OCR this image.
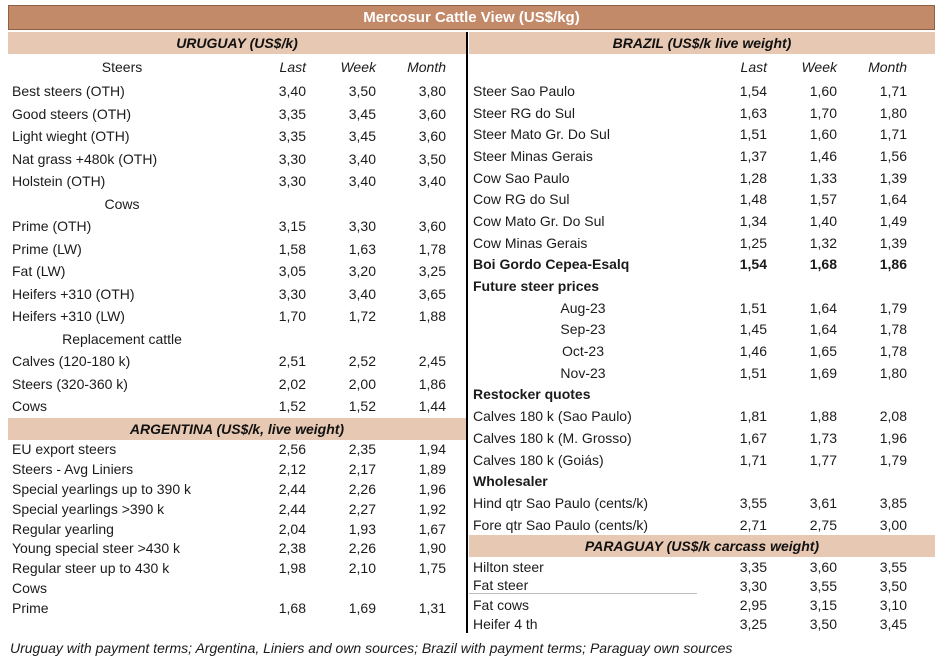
Mercosur Cattle View (US$/kg)
URUGUAY (US$/k)
Steers	Last	Week	Month
Best steers (OTH)	3,40	3,50	3,80
Good steers (OTH)	3,35	3,45	3,60
Light wieght (OTH)	3,35	3,45	3,60
Nat grass +480k (OTH)	3,30	3,40	3,50
Holstein (OTH)	3,30	3,40	3,40
Cows
Prime (OTH)	3,15	3,30	3,60
Prime (LW)	1,58	1,63	1,78
Fat (LW)	3,05	3,20	3,25
Heifers +310 (OTH)	3,30	3,40	3,65
Heifers +310 (LW)	1,70	1,72	1,88
Replacement cattle
Calves (120-180 k)	2,51	2,52	2,45
Steers (320-360 k)	2,02	2,00	1,86
Cows	1,52	1,52	1,44
ARGENTINA (US$/k, live weight)
EU export steers	2,56	2,35	1,94
Steers - Avg Liniers	2,12	2,17	1,89
Special yearlings up to 390 k	2,44	2,26	1,96
Special yearlings >390 k	2,44	2,27	1,92
Regular yearling	2,04	1,93	1,67
Young special steer >430 k	2,38	2,26	1,90
Regular steer up to 430 k	1,98	2,10	1,75
Cows
Prime	1,68	1,69	1,31
BRAZIL (US$/k live weight)
Last	Week	Month
Steer Sao Paulo	1,54	1,60	1,71
Steer RG do Sul	1,63	1,70	1,80
Steer Mato Gr. Do Sul	1,51	1,60	1,71
Steer Minas Gerais	1,37	1,46	1,56
Cow Sao Paulo	1,28	1,33	1,39
Cow RG do Sul	1,48	1,57	1,64
Cow Mato Gr. Do Sul	1,34	1,40	1,49
Cow Minas Gerais	1,25	1,32	1,39
Boi Gordo Cepea-Esalq	1,54	1,68	1,86
Future steer prices
Aug-23	1,51	1,64	1,79
Sep-23	1,45	1,64	1,78
Oct-23	1,46	1,65	1,78
Nov-23	1,51	1,69	1,80
Restocker quotes
Calves 180 k (Sao Paulo)	1,81	1,88	2,08
Calves 180 k (M. Grosso)	1,67	1,73	1,96
Calves 180 k (Goiás)	1,71	1,77	1,79
Wholesaler
Hind qtr Sao Paulo (cents/k)	3,55	3,61	3,85
Fore qtr Sao Paulo (cents/k)	2,71	2,75	3,00
PARAGUAY (US$/k carcass weight)
Hilton steer	3,35	3,60	3,55
Fat steer	3,30	3,55	3,50
Fat cows	2,95	3,15	3,10
Heifer 4 th	3,25	3,50	3,45
Uruguay with payment terms; Argentina, Liniers and own sources; Brazil with payment terms; Paraguay own sources
